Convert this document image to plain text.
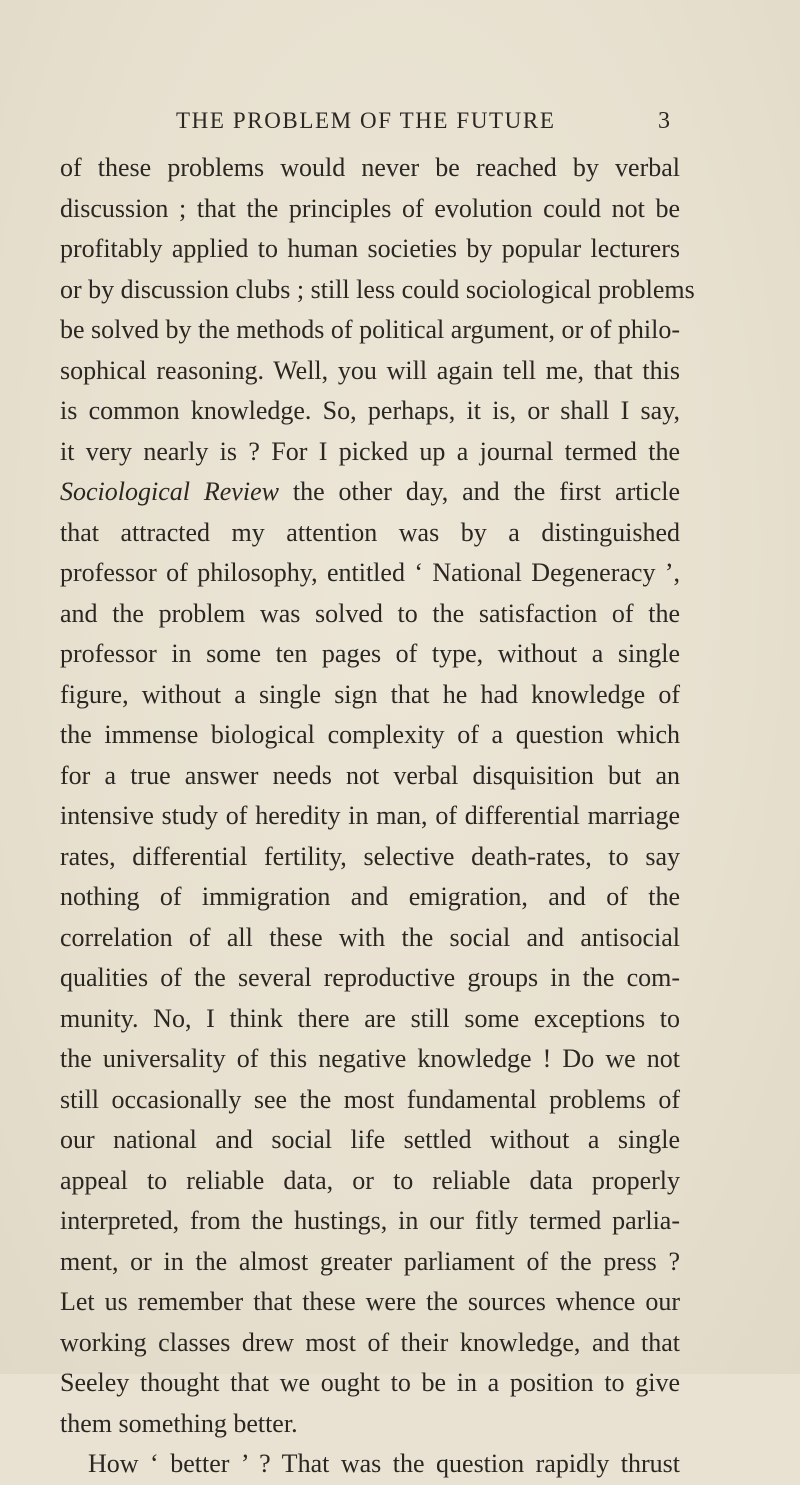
THE PROBLEM OF THE FUTURE	3
of these problems would never be reached by verbal
discussion ; that the principles of evolution could not be
profitably applied to human societies by popular lecturers
or by discussion clubs ; still less could sociological problems
be solved by the methods of political argument, or of philo-
sophical reasoning. Well, you will again tell me, that this
is common knowledge. So, perhaps, it is, or shall I say,
it very nearly is ? For I picked up a journal termed the
Sociological Review the other day, and the first article
that attracted my attention was by a distinguished
professor of philosophy, entitled ‘ National Degeneracy ’,
and the problem was solved to the satisfaction of the
professor in some ten pages of type, without a single
figure, without a single sign that he had knowledge of
the immense biological complexity of a question which
for a true answer needs not verbal disquisition but an
intensive study of heredity in man, of differential marriage
rates, differential fertility, selective death-rates, to say
nothing of immigration and emigration, and of the
correlation of all these with the social and antisocial
qualities of the several reproductive groups in the com-
munity. No, I think there are still some exceptions to
the universality of this negative knowledge ! Do we not
still occasionally see the most fundamental problems of
our national and social life settled without a single
appeal to reliable data, or to reliable data properly
interpreted, from the hustings, in our fitly termed parlia-
ment, or in the almost greater parliament of the press ?
Let us remember that these were the sources whence our
working classes drew most of their knowledge, and that
Seeley thought that we ought to be in a position to give
them something better.
How ‘ better ’ ? That was the question rapidly thrust
